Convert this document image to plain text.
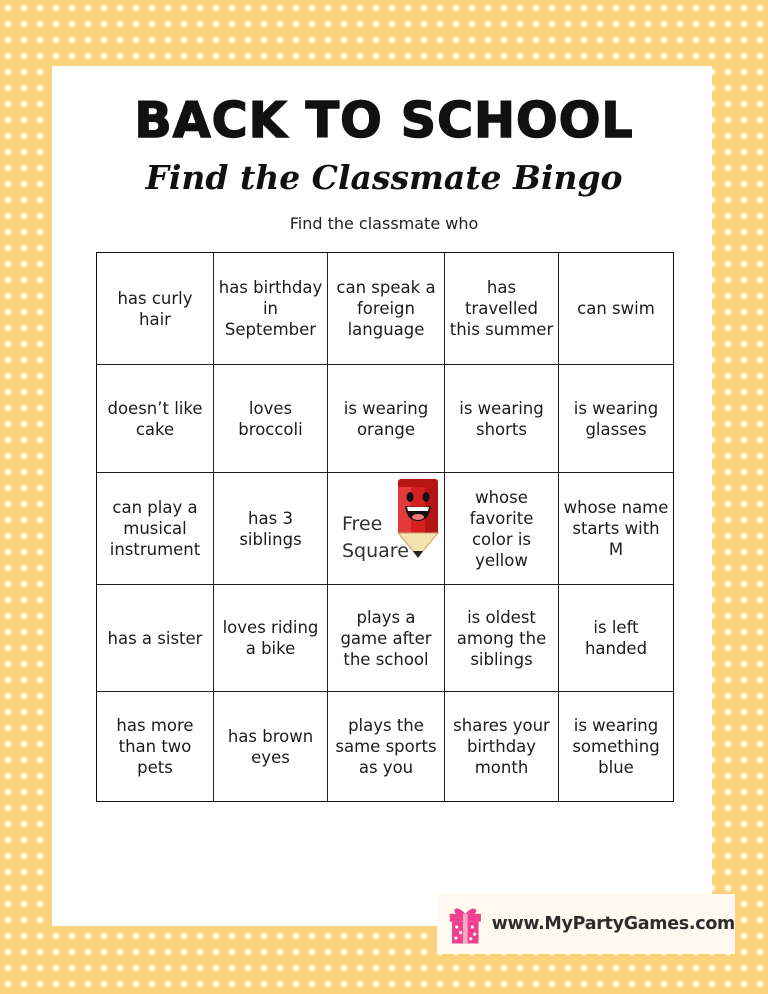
BACK TO SCHOOL
Find the Classmate Bingo
Find the classmate who
has curly hair
has birthday in September
can speak a foreign language
has travelled this summer
can swim
doesn’t like cake
loves broccoli
is wearing orange
is wearing shorts
is wearing glasses
can play a musical instrument
has 3 siblings
Free
Square
whose favorite color is yellow
whose name starts with M
has a sister
loves riding a bike
plays a game after the school
is oldest among the siblings
is left handed
has more than two pets
has brown eyes
plays the same sports as you
shares your birthday month
is wearing something blue
www.MyPartyGames.com
